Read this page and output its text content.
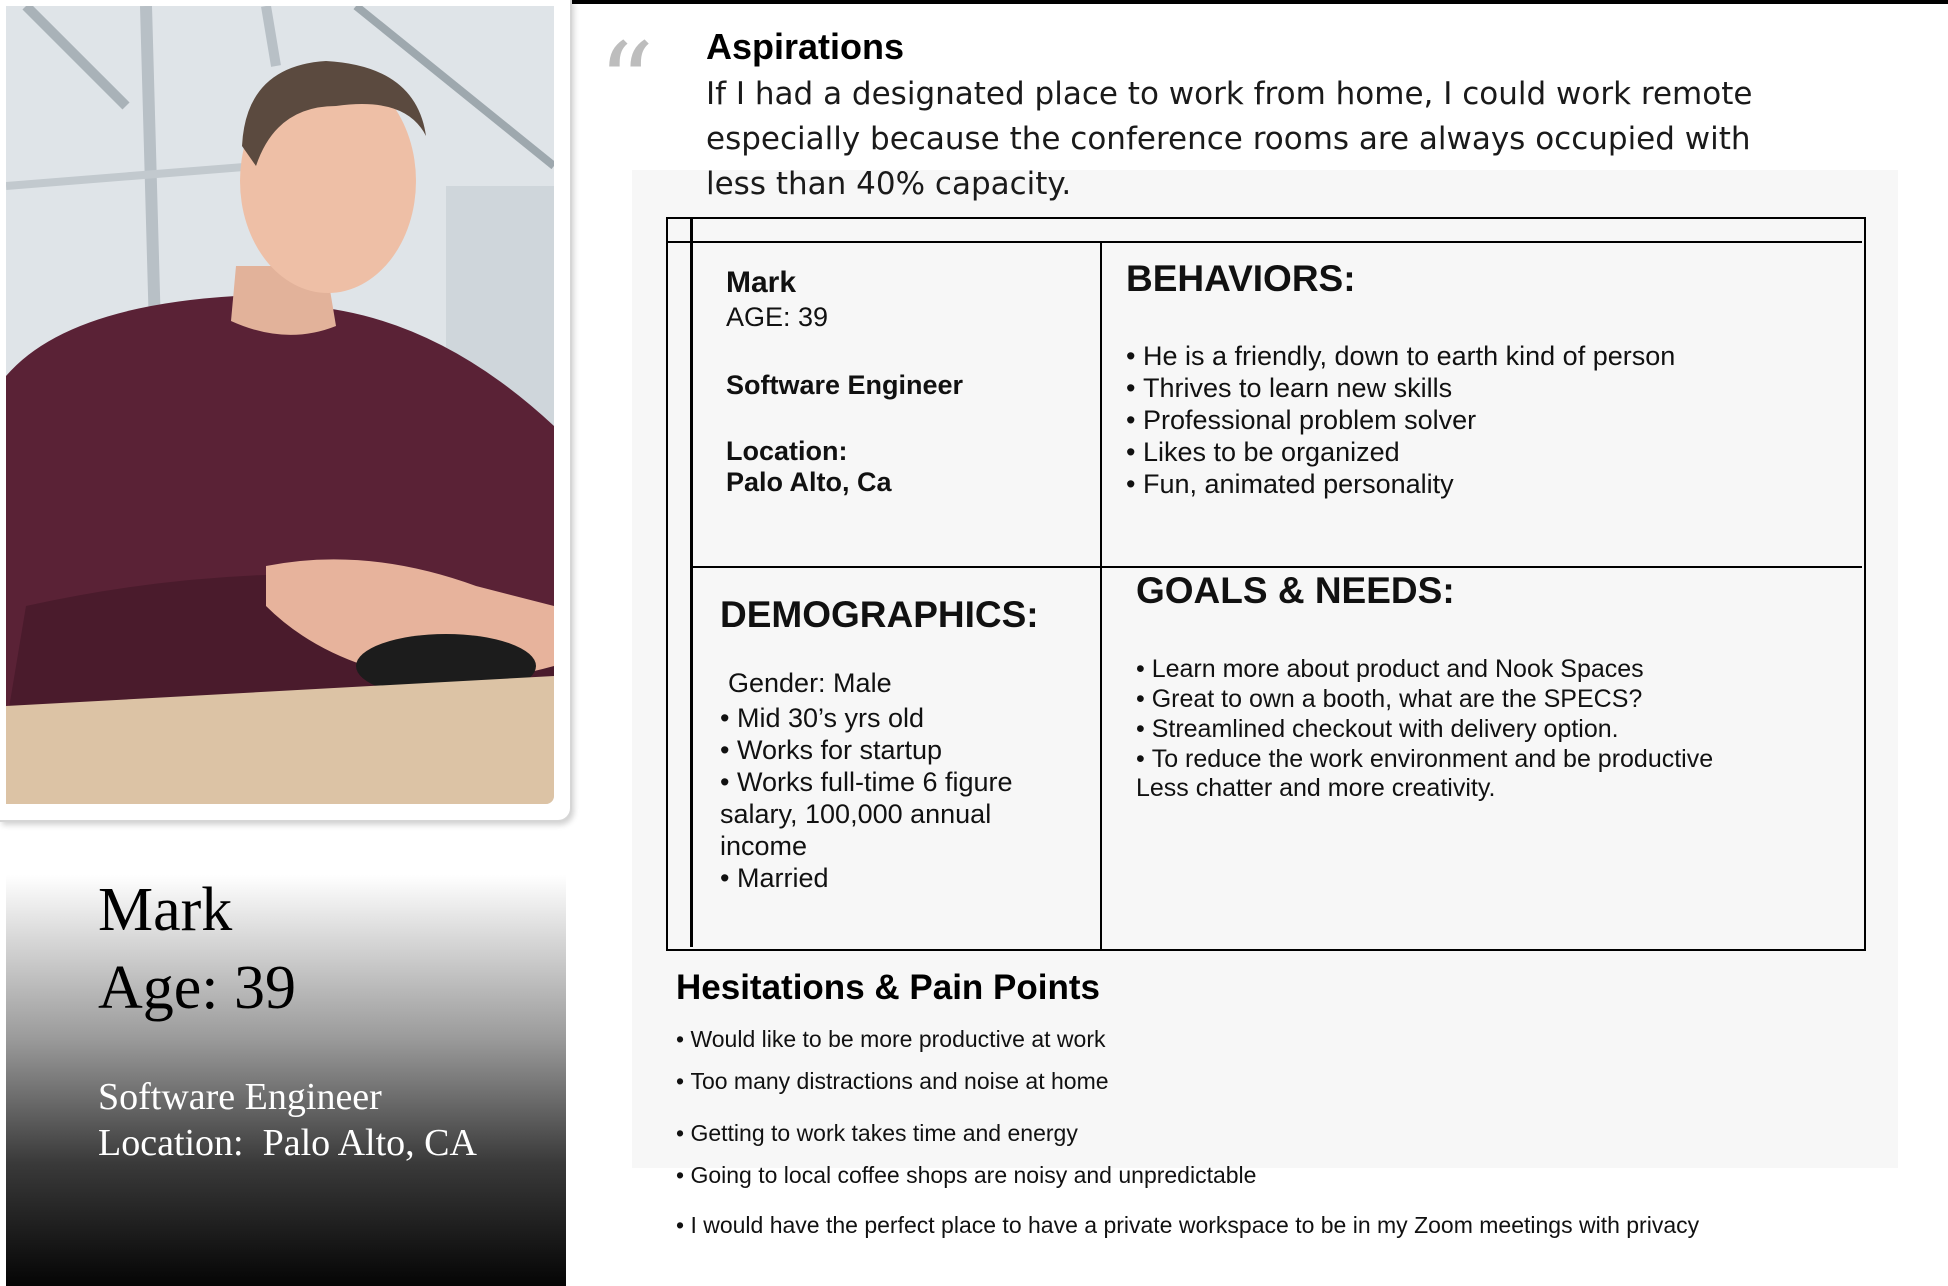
Mark
Age: 39
Software Engineer
Location:  Palo Alto, CA
“ Aspirations
If I had a designated place to work from home, I could work remote especially because the conference rooms are always occupied with less than 40% capacity.
Mark
AGE: 39
Software Engineer
Location:
Palo Alto, Ca
BEHAVIORS:
• He is a friendly, down to earth kind of person
• Thrives to learn new skills
• Professional problem solver
• Likes to be organized
• Fun, animated personality
DEMOGRAPHICS:
Gender: Male
• Mid 30’s yrs old
• Works for startup
• Works full-time 6 figure salary, 100,000 annual income
• Married
GOALS & NEEDS:
• Learn more about product and Nook Spaces
• Great to own a booth, what are the SPECS?
• Streamlined checkout with delivery option.
• To reduce the work environment and be productive
Less chatter and more creativity.
Hesitations & Pain Points
• Would like to be more productive at work
• Too many distractions and noise at home
• Getting to work takes time and energy
• Going to local coffee shops are noisy and unpredictable
• I would have the perfect place to have a private workspace to be in my Zoom meetings with privacy
